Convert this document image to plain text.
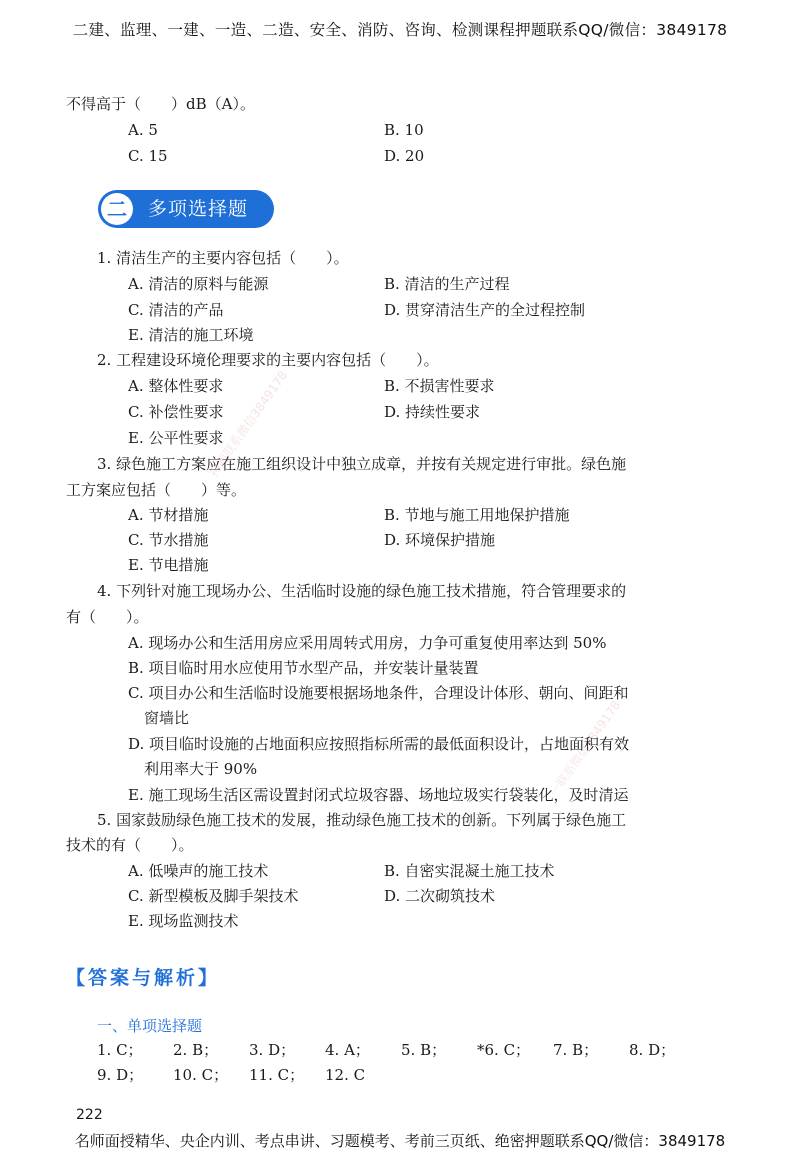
二建、监理、一建、一造、二造、安全、消防、咨询、检测课程押题联系QQ/微信：3849178
不得高于（　　）dB（A）。
A. 5	B. 10
C. 15	D. 20
二	多项选择题
1. 清洁生产的主要内容包括（　　）。
A. 清洁的原料与能源	B. 清洁的生产过程
C. 清洁的产品	D. 贯穿清洁生产的全过程控制
E. 清洁的施工环境
2. 工程建设环境伦理要求的主要内容包括（　　）。
A. 整体性要求	B. 不损害性要求
C. 补偿性要求	D. 持续性要求
E. 公平性要求
3. 绿色施工方案应在施工组织设计中独立成章，并按有关规定进行审批。绿色施
工方案应包括（　　）等。
A. 节材措施	B. 节地与施工用地保护措施
C. 节水措施	D. 环境保护措施
E. 节电措施
4. 下列针对施工现场办公、生活临时设施的绿色施工技术措施，符合管理要求的
有（　　）。
A. 现场办公和生活用房应采用周转式用房，力争可重复使用率达到 50%
B. 项目临时用水应使用节水型产品，并安装计量装置
C. 项目办公和生活临时设施要根据场地条件，合理设计体形、朝向、间距和
窗墙比
D. 项目临时设施的占地面积应按照指标所需的最低面积设计，占地面积有效
利用率大于 90%
E. 施工现场生活区需设置封闭式垃圾容器、场地垃圾实行袋装化，及时清运
5. 国家鼓励绿色施工技术的发展，推动绿色施工技术的创新。下列属于绿色施工
技术的有（　　）。
A. 低噪声的施工技术	B. 自密实混凝土施工技术
C. 新型模板及脚手架技术	D. 二次砌筑技术
E. 现场监测技术
【答案与解析】
一、单项选择题
1. C； 2. B； 3. D； 4. A； 5. B； *6. C； 7. B； 8. D；
9. D； 10. C； 11. C； 12. C
222
名师面授精华、央企内训、考点串讲、习题模考、考前三页纸、绝密押题联系QQ/微信：3849178
押题联系微信3849178
一联系微信3849178
